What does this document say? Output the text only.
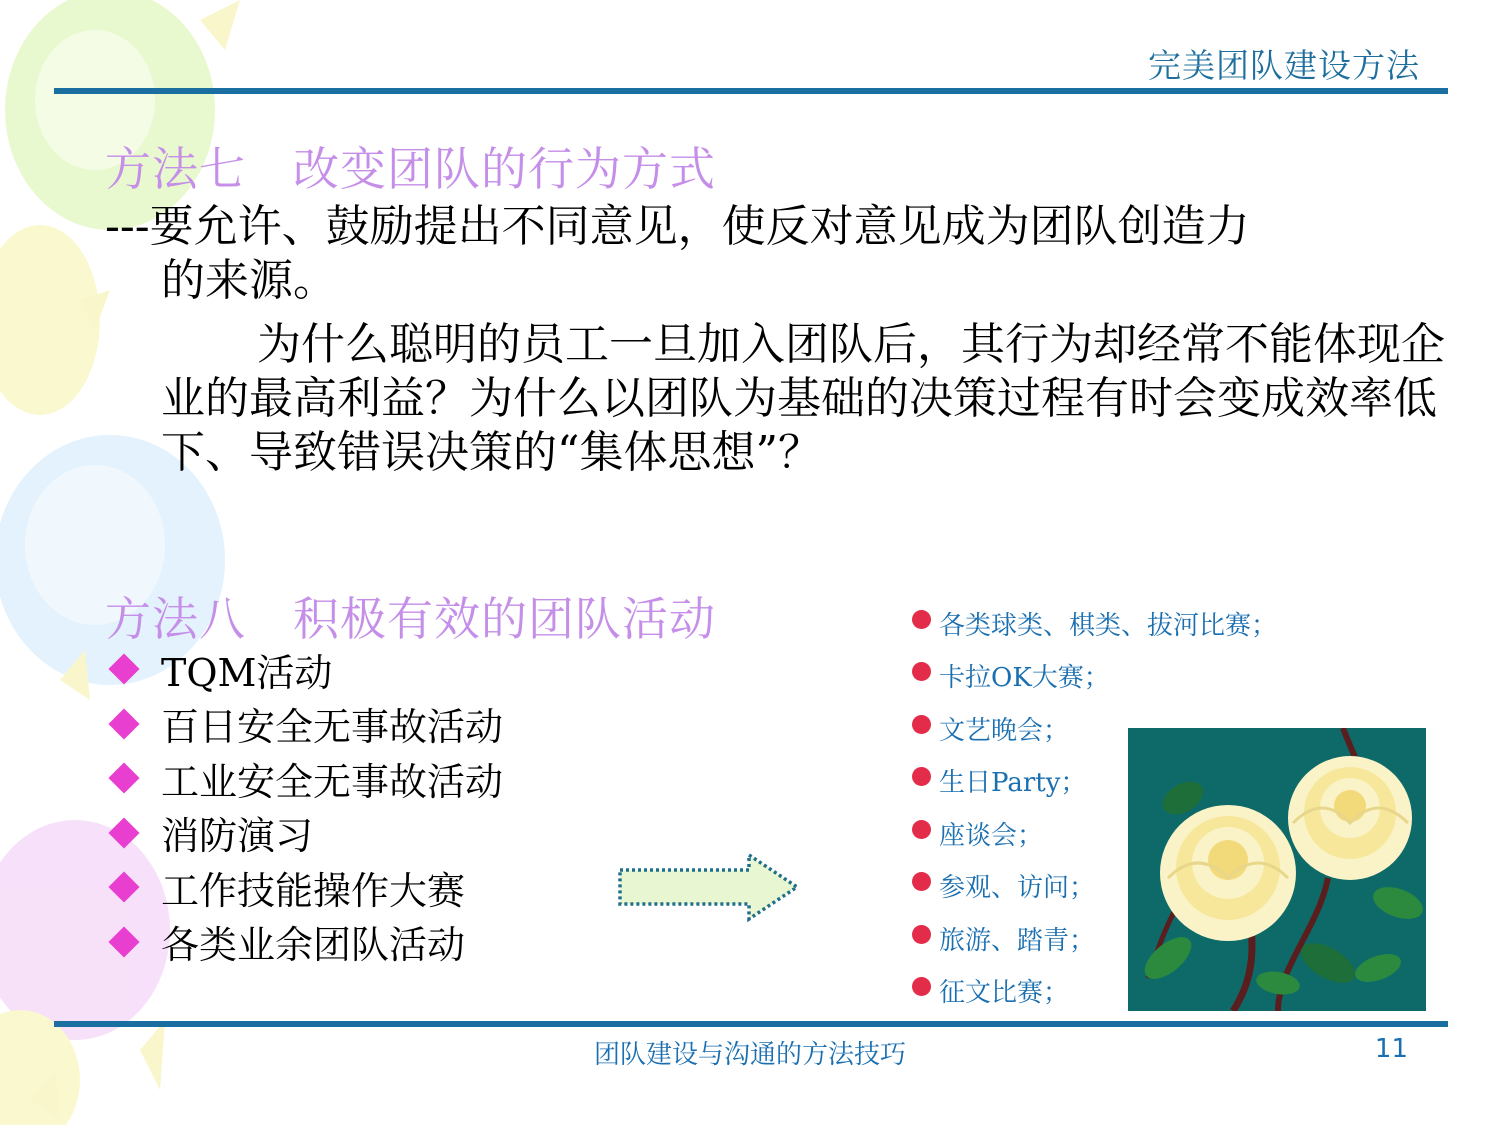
完美团队建设方法
方法七　改变团队的行为方式
---要允许、鼓励提出不同意见，使反对意见成为团队创造力
的来源。
为什么聪明的员工一旦加入团队后，其行为却经常不能体现企业的最高利益？为什么以团队为基础的决策过程有时会变成效率低下、导致错误决策的“集体思想”？
方法八　积极有效的团队活动
TQM活动
百日安全无事故活动
工业安全无事故活动
消防演习
工作技能操作大赛
各类业余团队活动
各类球类、棋类、拔河比赛；
卡拉OK大赛；
文艺晚会；
生日Party；
座谈会；
参观、访问；
旅游、踏青；
征文比赛；
团队建设与沟通的方法技巧	11
